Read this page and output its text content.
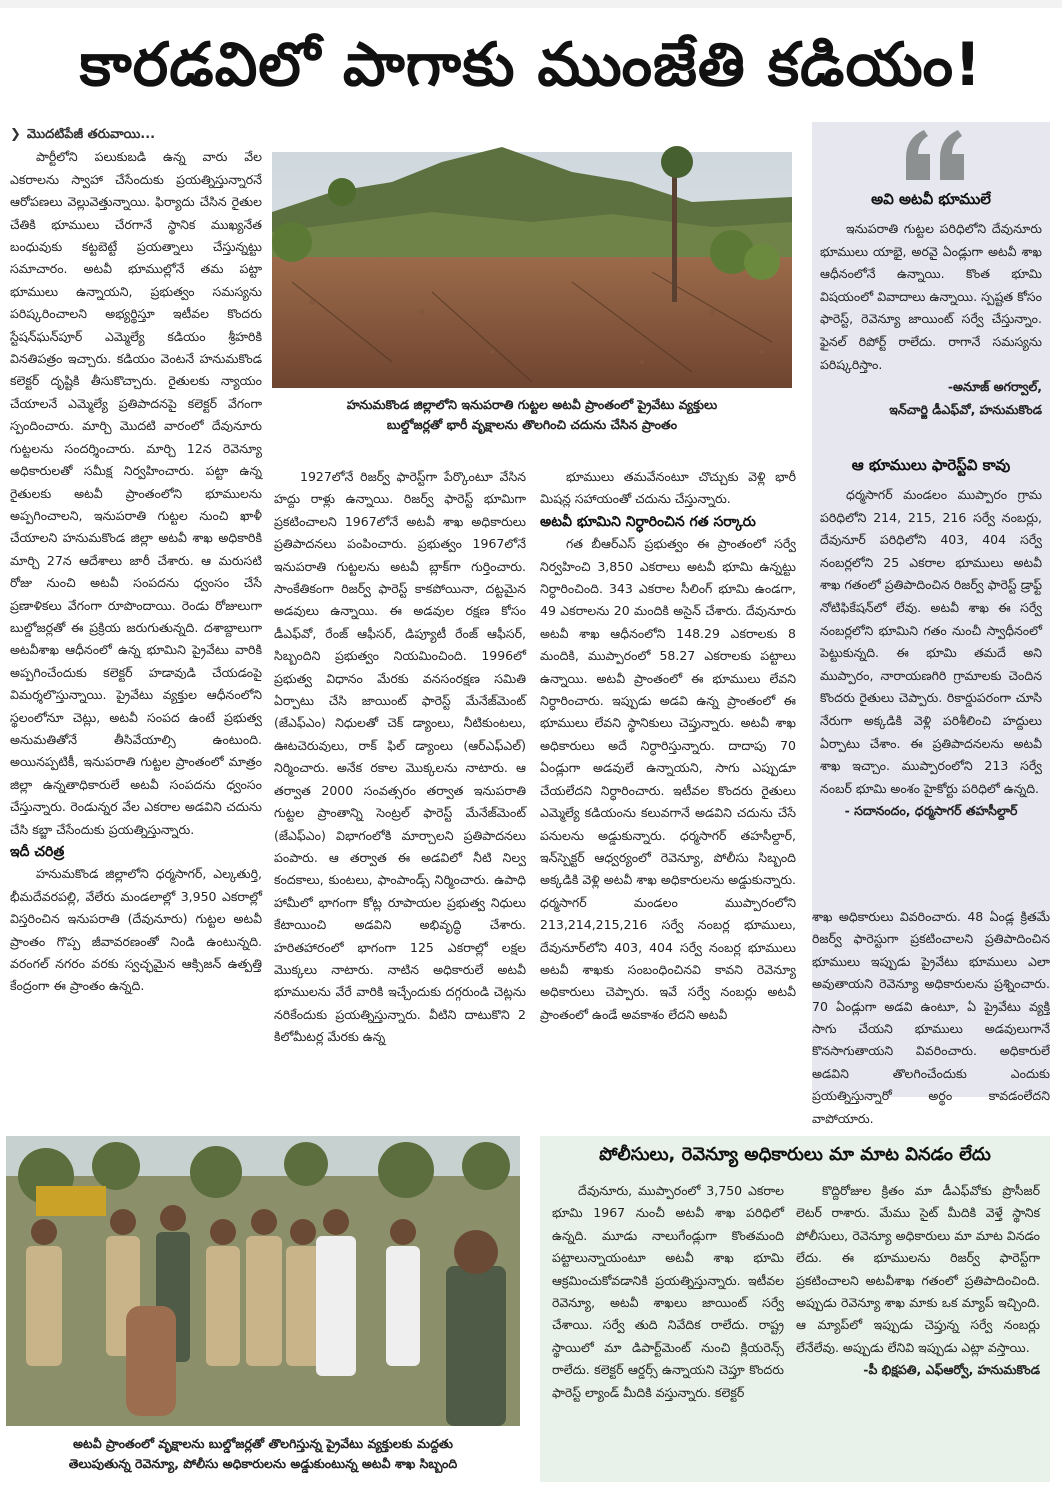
కారడవిలో పాగాకు ముంజేతి కడియం!

❯ మొదటిపేజీ తరువాయి...

పార్టీలోని పలుకుబడి ఉన్న వారు వేల ఎకరాలను స్వాహా చేసేందుకు ప్రయత్నిస్తున్నారనే ఆరోపణలు వెల్లువెత్తున్నాయి. ఫిర్యాదు చేసిన రైతుల చేతికి భూములు చేరగానే స్థానిక ముఖ్యనేత బంధువుకు కట్టబెట్టే ప్రయత్నాలు చేస్తున్నట్టు సమాచారం. అటవీ భూముల్లోనే తమ పట్టా భూములు ఉన్నాయని, ప్రభుత్వం సమస్యను పరిష్కరించాలని అభ్యర్థిస్తూ ఇటీవల కొందరు స్టేషన్‌ఘన్‌పూర్ ఎమ్మెల్యే కడియం శ్రీహరికి వినతిపత్రం ఇచ్చారు. కడియం వెంటనే హనుమకొండ కలెక్టర్ దృష్టికి తీసుకొచ్చారు. రైతులకు న్యాయం చేయాలనే ఎమ్మెల్యే ప్రతిపాదనపై కలెక్టర్ వేగంగా స్పందించారు. మార్చి మొదటి వారంలో దేవునూరు గుట్టలను సందర్శించారు. మార్చి 12న రెవెన్యూ అధికారులతో సమీక్ష నిర్వహించారు. పట్టా ఉన్న రైతులకు అటవీ ప్రాంతంలోని భూములను అప్పగించాలని, ఇనుపరాతి గుట్టల నుంచి ఖాళీ చేయాలని హనుమకొండ జిల్లా అటవీ శాఖ అధికారికి మార్చి 27న ఆదేశాలు జారీ చేశారు. ఆ మరుసటి రోజు నుంచి అటవీ సంపదను ధ్వంసం చేసే ప్రణాళికలు వేగంగా రూపొందాయి. రెండు రోజులుగా బుల్డోజర్లతో ఈ ప్రక్రియ జరుగుతున్నది. దశాబ్దాలుగా అటవీశాఖ ఆధీనంలో ఉన్న భూమిని ప్రైవేటు వారికి అప్పగించేందుకు కలెక్టర్ హడావుడి చేయడంపై విమర్శలొస్తున్నాయి. ప్రైవేటు వ్యక్తుల ఆధీనంలోని స్థలంలోనూ చెట్లు, అటవీ సంపద ఉంటే ప్రభుత్వ అనుమతితోనే తీసివేయాల్సి ఉంటుంది. అయినప్పటికీ, ఇనుపరాతి గుట్టల ప్రాంతంలో మాత్రం జిల్లా ఉన్నతాధికారులే అటవీ సంపదను ధ్వంసం చేస్తున్నారు. రెండున్నర వేల ఎకరాల అడవిని చదును చేసి కబ్జా చేసేందుకు ప్రయత్నిస్తున్నారు.

ఇదీ చరిత్ర

హనుమకొండ జిల్లాలోని ధర్మసాగర్, ఎల్కతుర్తి, భీమదేవరపల్లి, వేలేరు మండలాల్లో 3,950 ఎకరాల్లో విస్తరించిన ఇనుపరాతి (దేవునూరు) గుట్టల అటవీ ప్రాంతం గొప్ప జీవావరణంతో నిండి ఉంటున్నది. వరంగల్ నగరం వరకు స్వచ్ఛమైన ఆక్సిజన్ ఉత్పత్తి కేంద్రంగా ఈ ప్రాంతం ఉన్నది.

హనుమకొండ జిల్లాలోని ఇనుపరాతి గుట్టల అటవీ ప్రాంతంలో ప్రైవేటు వ్యక్తులు
బుల్డోజర్లతో భారీ వృక్షాలను తొలగించి చదును చేసిన ప్రాంతం

1927లోనే రిజర్వ్ ఫారెస్ట్‌గా పేర్కొంటూ వేసిన హద్దు రాళ్లు ఉన్నాయి. రిజర్వ్ ఫారెస్ట్ భూమిగా ప్రకటించాలని 1967లోనే అటవీ శాఖ అధికారులు ప్రతిపాదనలు పంపించారు. ప్రభుత్వం 1967లోనే ఇనుపరాతి గుట్టలను అటవీ బ్లాక్‌గా గుర్తించారు. సాంకేతికంగా రిజర్వ్ ఫారెస్ట్ కాకపోయినా, దట్టమైన అడవులు ఉన్నాయి. ఈ అడవుల రక్షణ కోసం డీఎఫ్‌వో, రేంజ్ ఆఫీసర్, డిప్యూటీ రేంజ్ ఆఫీసర్, సిబ్బందిని ప్రభుత్వం నియమించింది. 1996లో ప్రభుత్వ విధానం మేరకు వనసంరక్షణ సమితి ఏర్పాటు చేసి జాయింట్ ఫారెస్ట్ మేనేజ్‌మెంట్ (జేఎఫ్‌ఎం) నిధులతో చెక్ డ్యాంలు, నీటికుంటలు, ఊటచెరువులు, రాక్ ఫిల్ డ్యాంలు (ఆర్‌ఎఫ్‌ఎల్) నిర్మించారు. అనేక రకాల మొక్కలను నాటారు. ఆ తర్వాత 2000 సంవత్సరం తర్వాత ఇనుపరాతి గుట్టల ప్రాంతాన్ని సెంట్రల్ ఫారెస్ట్ మేనేజ్‌మెంట్ (జేఎఫ్‌ఎం) విభాగంలోకి మార్చాలని ప్రతిపాదనలు పంపారు. ఆ తర్వాత ఈ అడవిలో నీటి నిల్వ కందకాలు, కుంటలు, ఫాంపాండ్స్ నిర్మించారు. ఉపాధి హామీలో భాగంగా కోట్ల రూపాయల ప్రభుత్వ నిధులు కేటాయించి అడవిని అభివృద్ధి చేశారు. హరితహారంలో భాగంగా 125 ఎకరాల్లో లక్షల మొక్కలు నాటారు. నాటిన అధికారులే అటవీ భూములను వేరే వారికి ఇచ్చేందుకు దగ్గరుండి చెట్లను నరికేందుకు ప్రయత్నిస్తున్నారు. వీటిని దాటుకొని 2 కిలోమీటర్ల మేరకు ఉన్న

భూములు తమవేనంటూ చొచ్చుకు వెళ్లి భారీ మిషన్ల సహాయంతో చదును చేస్తున్నారు.

అటవీ భూమిని నిర్ధారించిన గత సర్కారు

గత బీఆర్‌ఎస్ ప్రభుత్వం ఈ ప్రాంతంలో సర్వే నిర్వహించి 3,850 ఎకరాలు అటవీ భూమి ఉన్నట్టు నిర్ధారించింది. 343 ఎకరాల సీలింగ్ భూమి ఉండగా, 49 ఎకరాలను 20 మందికి అసైన్ చేశారు. దేవునూరు అటవీ శాఖ ఆధీనంలోని 148.29 ఎకరాలకు 8 మందికి, ముప్పారంలో 58.27 ఎకరాలకు పట్టాలు ఉన్నాయి. అటవీ ప్రాంతంలో ఈ భూములు లేవని నిర్ధారించారు. ఇప్పుడు అడవి ఉన్న ప్రాంతంలో ఈ భూములు లేవని స్థానికులు చెప్తున్నారు. అటవీ శాఖ అధికారులు అదే నిర్ధారిస్తున్నారు. దాదాపు 70 ఏండ్లుగా అడవులే ఉన్నాయని, సాగు ఎప్పుడూ చేయలేదని నిర్ధారించారు. ఇటీవల కొందరు రైతులు ఎమ్మెల్యే కడియంను కలువగానే అడవిని చదును చేసే పనులను అడ్డుకున్నారు. ధర్మసాగర్ తహసీల్దార్, ఇన్‌స్పెక్టర్ ఆధ్వర్యంలో రెవెన్యూ, పోలీసు సిబ్బంది అక్కడికి వెళ్లి అటవీ శాఖ అధికారులను అడ్డుకున్నారు. ధర్మసాగర్ మండలం ముప్పారంలోని 213,214,215,216 సర్వే నంబర్ల భూములు, దేవునూర్‌లోని 403, 404 సర్వే నంబర్ల భూములు అటవీ శాఖకు సంబంధించినవి కావని రెవెన్యూ అధికారులు చెప్పారు. ఇవే సర్వే నంబర్లు అటవీ ప్రాంతంలో ఉండే అవకాశం లేదని అటవీ

అవి అటవీ భూములే

ఇనుపరాతి గుట్టల పరిధిలోని దేవునూరు భూములు యాభై, అరవై ఏండ్లుగా అటవీ శాఖ ఆధీనంలోనే ఉన్నాయి. కొంత భూమి విషయంలో వివాదాలు ఉన్నాయి. స్పష్టత కోసం ఫారెస్ట్, రెవెన్యూ జాయింట్ సర్వే చేస్తున్నాం. ఫైనల్ రిపోర్ట్ రాలేదు. రాగానే సమస్యను పరిష్కరిస్తాం.

-అనూజ్ అగర్వాల్,

ఇన్‌చార్జి డీఎఫ్‌వో, హనుమకొండ

ఆ భూములు ఫారెస్ట్‌వి కావు

ధర్మసాగర్ మండలం ముప్పారం గ్రామ పరిధిలోని 214, 215, 216 సర్వే నంబర్లు, దేవునూర్ పరిధిలోని 403, 404 సర్వే నంబర్లలోని 25 ఎకరాల భూములు అటవీ శాఖ గతంలో ప్రతిపాదించిన రిజర్వ్ ఫారెస్ట్ డ్రాఫ్ట్ నోటిఫికేషన్‌లో లేవు. అటవీ శాఖ ఈ సర్వే నంబర్లలోని భూమిని గతం నుంచీ స్వాధీనంలో పెట్టుకున్నది. ఈ భూమి తమదే అని ముప్పారం, నారాయణగిరి గ్రామాలకు చెందిన కొందరు రైతులు చెప్పారు. రికార్డుపరంగా చూసి నేరుగా అక్కడికి వెళ్లి పరిశీలించి హద్దులు ఏర్పాటు చేశాం. ఈ ప్రతిపాదనలను అటవీ శాఖ ఇచ్చాం. ముప్పారంలోని 213 సర్వే నంబర్ భూమి అంశం హైకోర్టు పరిధిలో ఉన్నది.

- సదానందం, ధర్మసాగర్ తహసీల్దార్

శాఖ అధికారులు వివరించారు. 48 ఏండ్ల క్రితమే రిజర్వ్ ఫారెస్టుగా ప్రకటించాలని ప్రతిపాదించిన భూములు ఇప్పుడు ప్రైవేటు భూములు ఎలా అవుతాయని రెవెన్యూ అధికారులను ప్రశ్నించారు. 70 ఏండ్లుగా అడవి ఉంటూ, ఏ ప్రైవేటు వ్యక్తి సాగు చేయని భూములు అడవులుగానే కొనసాగుతాయని వివరించారు. అధికారులే అడవిని తొలగించేందుకు ఎందుకు ప్రయత్నిస్తున్నారో అర్థం కావడంలేదని వాపోయారు.

అటవీ ప్రాంతంలో వృక్షాలను బుల్డోజర్లతో తొలగిస్తున్న ప్రైవేటు వ్యక్తులకు మద్దతు
తెలుపుతున్న రెవెన్యూ, పోలీసు అధికారులను అడ్డుకుంటున్న అటవీ శాఖ సిబ్బంది
పోలీసులు, రెవెన్యూ అధికారులు మా మాట వినడం లేదు

దేవునూరు, ముప్పారంలో 3,750 ఎకరాల భూమి 1967 నుంచీ అటవీ శాఖ పరిధిలో ఉన్నది. మూడు నాలుగేండ్లుగా కొంతమంది పట్టాలున్నాయంటూ అటవీ శాఖ భూమి ఆక్రమించుకోవడానికి ప్రయత్నిస్తున్నారు. ఇటీవల రెవెన్యూ, అటవీ శాఖలు జాయింట్ సర్వే చేశాయి. సర్వే తుది నివేదిక రాలేదు. రాష్ట్ర స్థాయిలో మా డిపార్ట్‌మెంట్ నుంచి క్లియరెన్స్ రాలేదు. కలెక్టర్ ఆర్డర్స్ ఉన్నాయని చెప్తూ కొందరు ఫారెస్ట్ ల్యాండ్ మీదికి వస్తున్నారు. కలెక్టర్

కొద్దిరోజుల క్రితం మా డీఎఫ్‌వోకు ప్రొసీజర్ లెటర్ రాశారు. మేము సైట్ మీదికి వెళ్తే స్థానిక పోలీసులు, రెవెన్యూ అధికారులు మా మాట వినడం లేదు. ఈ భూములను రిజర్వ్ ఫారెస్ట్‌గా ప్రకటించాలని అటవీశాఖ గతంలో ప్రతిపాదించింది. అప్పుడు రెవెన్యూ శాఖ మాకు ఒక మ్యాప్ ఇచ్చింది. ఆ మ్యాప్‌లో ఇప్పుడు చెప్తున్న సర్వే నంబర్లు లేనేలేవు. అప్పుడు లేనివి ఇప్పుడు ఎట్లా వస్తాయి.

-పీ భిక్షపతి, ఎఫ్‌ఆర్వో, హనుమకొండ
